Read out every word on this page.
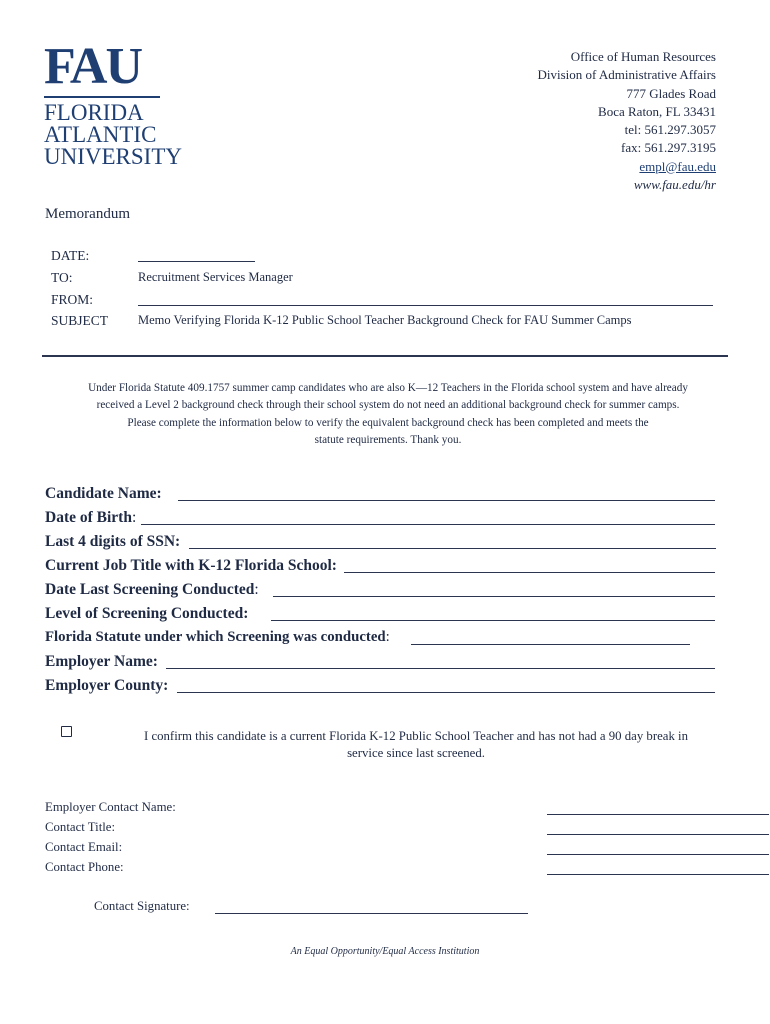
FAU
FLORIDA
ATLANTIC
UNIVERSITY
Office of Human Resources
Division of Administrative Affairs
777 Glades Road
Boca Raton, FL 33431
tel: 561.297.3057
fax: 561.297.3195
empl@fau.edu
www.fau.edu/hr
Memorandum
DATE:
TO:	Recruitment Services Manager
FROM:
SUBJECT Memo Verifying Florida K-12 Public School Teacher Background Check for FAU Summer Camps
Under Florida Statute 409.1757 summer camp candidates who are also K—12 Teachers in the Florida school system and have already
received a Level 2 background check through their school system do not need an additional background check for summer camps.
Please complete the information below to verify the equivalent background check has been completed and meets the
statute requirements. Thank you.
Candidate Name:
Date of Birth:
Last 4 digits of SSN:
Current Job Title with K-12 Florida School:
Date Last Screening Conducted:
Level of Screening Conducted:
Florida Statute under which Screening was conducted:
Employer Name:
Employer County:
I confirm this candidate is a current Florida K-12 Public School Teacher and has not had a 90 day break in
service since last screened.
Employer Contact Name:
Contact Title:
Contact Email:
Contact Phone:
Contact Signature:
An Equal Opportunity/Equal Access Institution
